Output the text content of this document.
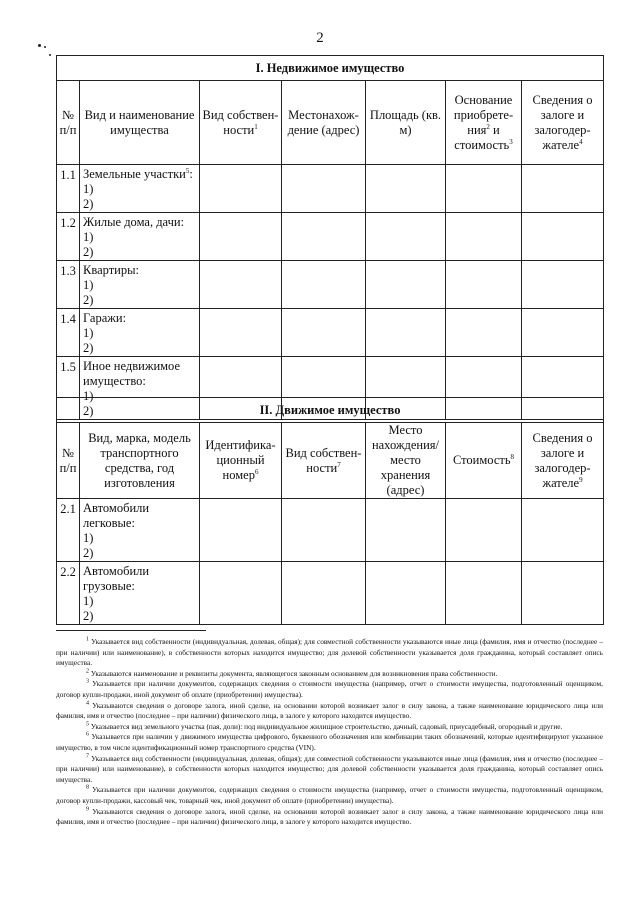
2
I. Недвижимое имущество						
№ п/п	Вид и наименование имущества	Вид собствен-ности$^1$	Местонахож-дение (адрес)	Площадь (кв. м)	Основание приобрете-ния$^2$ и стоимость$^3$	Сведения о залоге и залогодер-жателе$^4$
1.1	Земельные участки$^5$:
1)
2)					

1.2	Жилые дома, дачи:
1)
2)					

1.3	Квартиры:
1)
2)					

1.4	Гаражи:
1)
2)					

1.5	Иное недвижимое имущество:
1)
2)					
						II. Движимое имущество						
№ п/п	Вид, марка, модель транспортного средства, год изготовления	Идентифика-ционный номер$^6$	Вид собствен-ности$^7$	Место нахождения/ место хранения (адрес)	Стоимость$^8$	Сведения о залоге и залогодер-жателе$^9$
2.1	Автомобили легковые:
1)
2)					

2.2	Автомобили грузовые:
1)
2)					

$^1$ Указывается вид собственности (индивидуальная, долевая, общая); для совместной собственности указываются иные лица (фамилия, имя и отчество (последнее – при наличии) или наименование), в собственности которых находится имущество; для долевой собственности указывается доля гражданина, который составляет опись имущества.

$^2$ Указываются наименование и реквизиты документа, являющегося законным основанием для возникновения права собственности.

$^3$ Указывается при наличии документов, содержащих сведения о стоимости имущества (например, отчет о стоимости имущества, подготовленный оценщиком, договор купли-продажи, иной документ об оплате (приобретении) имущества).

$^4$ Указываются сведения о договоре залога, иной сделке, на основании которой возникает залог в силу закона, а также наименование юридического лица или фамилия, имя и отчество (последнее – при наличии) физического лица, в залоге у которого находится имущество.

$^5$ Указывается вид земельного участка (пая, доли): под индивидуальное жилищное строительство, дачный, садовый, приусадебный, огородный и другие.

$^6$ Указывается при наличии у движимого имущества цифрового, буквенного обозначения или комбинации таких обозначений, которые идентифицируют указанное имущество, в том числе идентификационный номер транспортного средства (VIN).

$^7$ Указывается вид собственности (индивидуальная, долевая, общая); для совместной собственности указываются иные лица (фамилия, имя и отчество (последнее – при наличии) или наименование), в собственности которых находится имущество; для долевой собственности указывается доля гражданина, который составляет опись имущества.

$^8$ Указывается при наличии документов, содержащих сведения о стоимости имущества (например, отчет о стоимости имущества, подготовленный оценщиком, договор купли-продажи, кассовый чек, товарный чек, иной документ об оплате (приобретении) имущества).

$^9$ Указываются сведения о договоре залога, иной сделке, на основании которой возникает залог в силу закона, а также наименование юридического лица или фамилия, имя и отчество (последнее – при наличии) физического лица, в залоге у которого находится имущество.
